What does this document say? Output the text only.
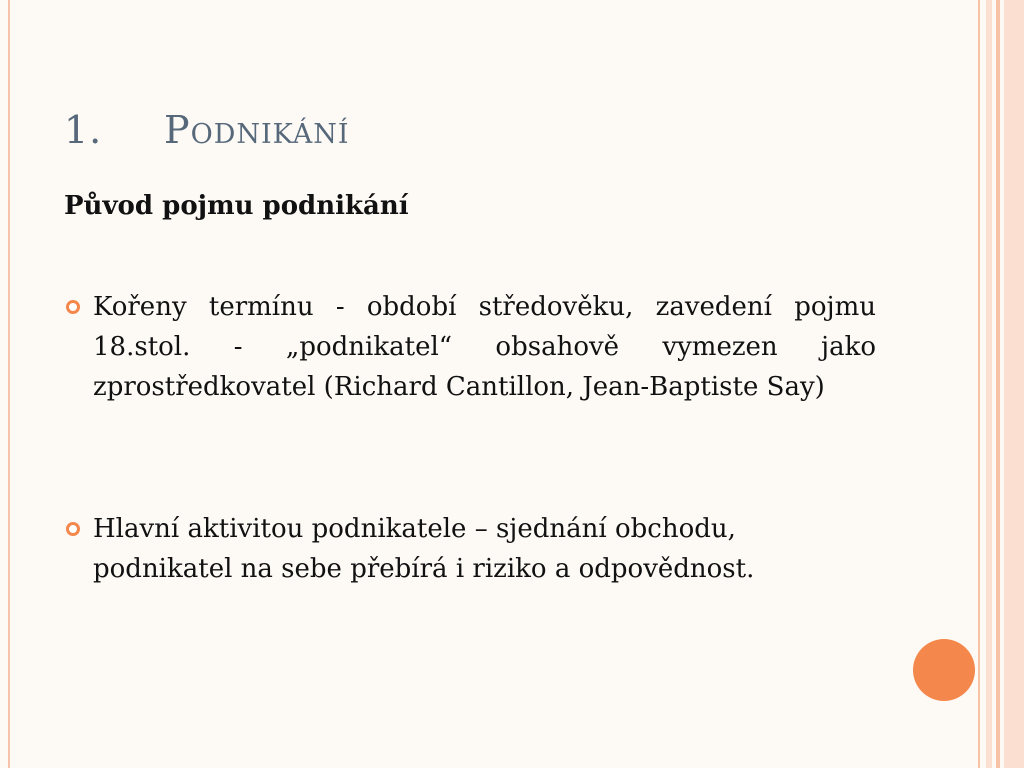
1. Podnikání
Původ pojmu podnikání
Kořeny termínu - období středověku, zavedení pojmu 18.stol. - „podnikatel“ obsahově vymezen jako zprostředkovatel (Richard Cantillon, Jean-Baptiste Say)
Hlavní aktivitou podnikatele – sjednání obchodu, podnikatel na sebe přebírá i riziko a odpovědnost.
